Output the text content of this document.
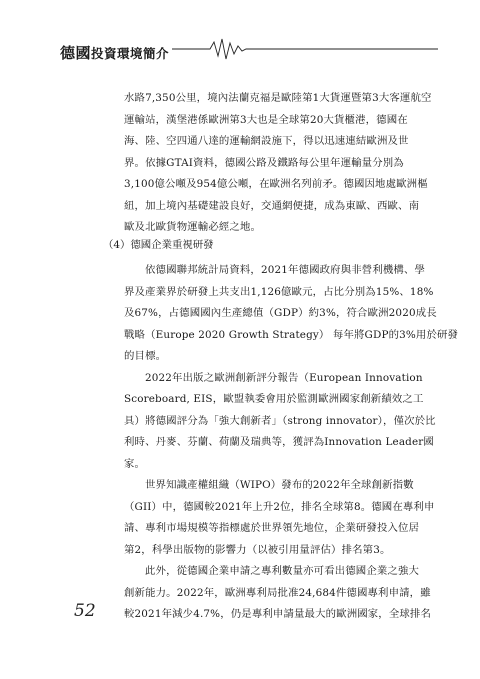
德國投資環境簡介
水路7,350公里，境內法蘭克福是歐陸第1大貨運暨第3大客運航空
運輸站，漢堡港係歐洲第3大也是全球第20大貨櫃港，德國在
海、陸、空四通八達的運輸網設施下，得以迅速連結歐洲及世
界。依據GTAI資料，德國公路及鐵路每公里年運輸量分別為
3,100億公噸及954億公噸，在歐洲名列前矛。德國因地處歐洲樞
紐，加上境內基礎建設良好，交通網便捷，成為東歐、西歐、南
歐及北歐貨物運輸必經之地。
依德國聯邦統計局資料，2021年德國政府與非營利機構、學
界及產業界於研發上共支出1,126億歐元，占比分別為15%、18%
及67%，占德國國內生產總值（GDP）約3%，符合歐洲2020成長
戰略（Europe 2020 Growth Strategy） 每年將GDP的3%用於研發
的目標。
2022年出版之歐洲創新評分報告（European Innovation
Scoreboard, EIS，歐盟執委會用於監測歐洲國家創新績效之工
具）將德國評分為「強大創新者」（strong innovator），僅次於比
利時、丹麥、芬蘭、荷蘭及瑞典等，獲評為Innovation Leader國
家。
世界知識產權組織（WIPO）發布的2022年全球創新指數
（GII）中，德國較2021年上升2位，排名全球第8。德國在專利申
請、專利市場規模等指標處於世界領先地位，企業研發投入位居
第2，科學出版物的影響力（以被引用量評估）排名第3。
此外，從德國企業申請之專利數量亦可看出德國企業之強大
創新能力。2022年，歐洲專利局批准24,684件德國專利申請，雖
較2021年減少4.7%，仍是專利申請量最大的歐洲國家，全球排名
（4）德國企業重視研發
52
